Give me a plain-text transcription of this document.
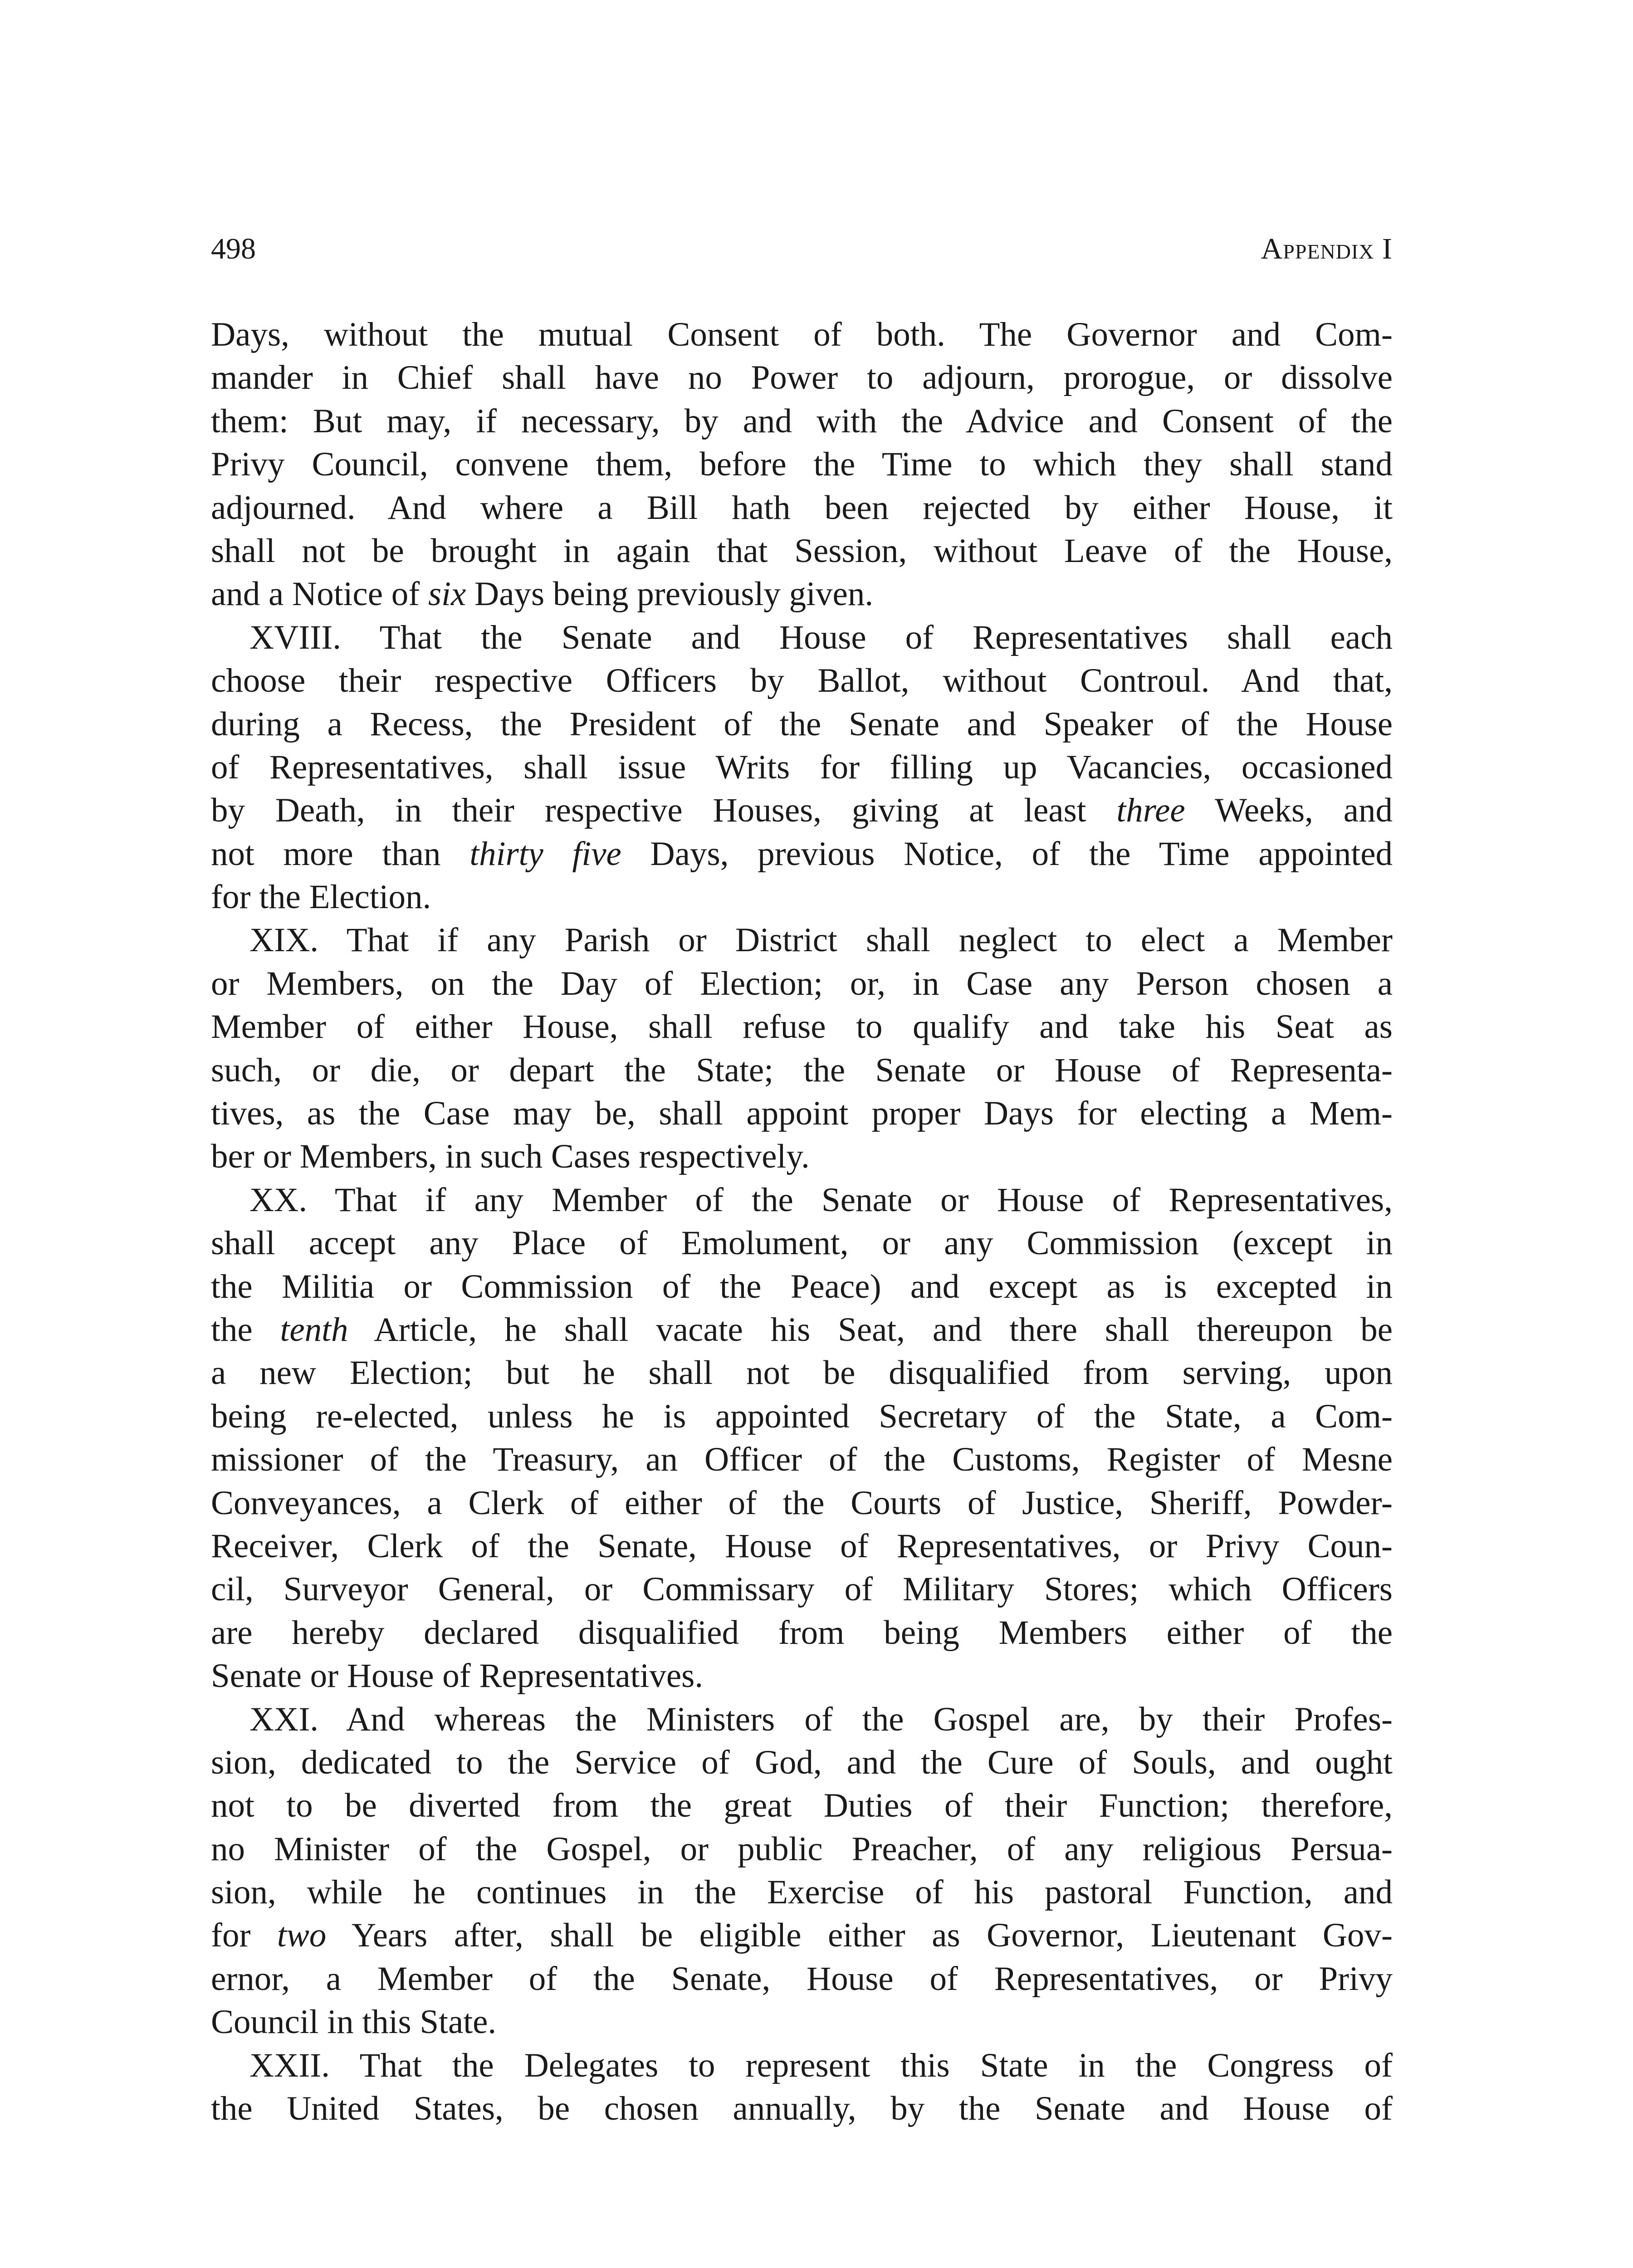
498	Appendix I
Days, without the mutual Consent of both. The Governor and Com-
mander in Chief shall have no Power to adjourn, prorogue, or dissolve
them: But may, if necessary, by and with the Advice and Consent of the
Privy Council, convene them, before the Time to which they shall stand
adjourned. And where a Bill hath been rejected by either House, it
shall not be brought in again that Session, without Leave of the House,
and a Notice of six Days being previously given.
XVIII. That the Senate and House of Representatives shall each
choose their respective Officers by Ballot, without Controul. And that,
during a Recess, the President of the Senate and Speaker of the House
of Representatives, shall issue Writs for filling up Vacancies, occasioned
by Death, in their respective Houses, giving at least three Weeks, and
not more than thirty five Days, previous Notice, of the Time appointed
for the Election.
XIX. That if any Parish or District shall neglect to elect a Member
or Members, on the Day of Election; or, in Case any Person chosen a
Member of either House, shall refuse to qualify and take his Seat as
such, or die, or depart the State; the Senate or House of Representa-
tives, as the Case may be, shall appoint proper Days for electing a Mem-
ber or Members, in such Cases respectively.
XX. That if any Member of the Senate or House of Representatives,
shall accept any Place of Emolument, or any Commission (except in
the Militia or Commission of the Peace) and except as is excepted in
the tenth Article, he shall vacate his Seat, and there shall thereupon be
a new Election; but he shall not be disqualified from serving, upon
being re-elected, unless he is appointed Secretary of the State, a Com-
missioner of the Treasury, an Officer of the Customs, Register of Mesne
Conveyances, a Clerk of either of the Courts of Justice, Sheriff, Powder-
Receiver, Clerk of the Senate, House of Representatives, or Privy Coun-
cil, Surveyor General, or Commissary of Military Stores; which Officers
are hereby declared disqualified from being Members either of the
Senate or House of Representatives.
XXI. And whereas the Ministers of the Gospel are, by their Profes-
sion, dedicated to the Service of God, and the Cure of Souls, and ought
not to be diverted from the great Duties of their Function; therefore,
no Minister of the Gospel, or public Preacher, of any religious Persua-
sion, while he continues in the Exercise of his pastoral Function, and
for two Years after, shall be eligible either as Governor, Lieutenant Gov-
ernor, a Member of the Senate, House of Representatives, or Privy
Council in this State.
XXII. That the Delegates to represent this State in the Congress of
the United States, be chosen annually, by the Senate and House of
